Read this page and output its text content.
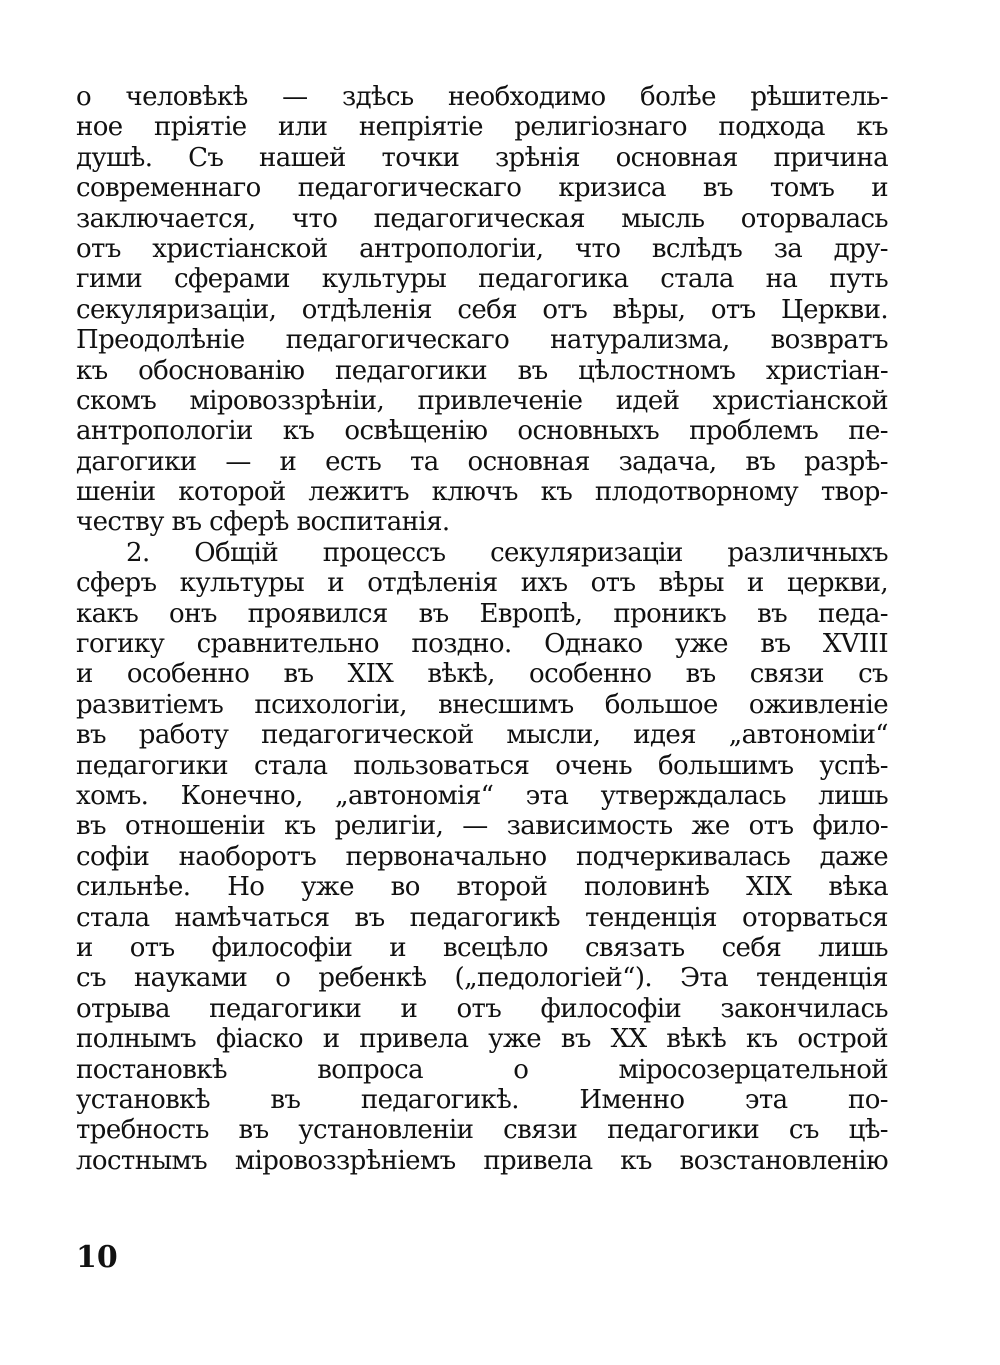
о человѣкѣ — здѣсь необходимо болѣе рѣшитель-
ное пріятіе или непріятіе религіознаго подхода къ
душѣ. Съ нашей точки зрѣнія основная причина
современнаго педагогическаго кризиса въ томъ и
заключается, что педагогическая мысль оторвалась
отъ христіанской антропологіи, что вслѣдъ за дру-
гими сферами культуры педагогика стала на путь
секуляризаціи, отдѣленія себя отъ вѣры, отъ Церкви.
Преодолѣніе педагогическаго натурализма, возвратъ
къ обоснованію педагогики въ цѣлостномъ христіан-
скомъ міровоззрѣніи, привлеченіе идей христіанской
антропологіи къ освѣщенію основныхъ проблемъ пе-
дагогики — и есть та основная задача, въ разрѣ-
шеніи которой лежитъ ключъ къ плодотворному твор-
честву въ сферѣ воспитанія.
2. Общій процессъ секуляризаціи различныхъ
сферъ культуры и отдѣленія ихъ отъ вѣры и церкви,
какъ онъ проявился въ Европѣ, проникъ въ педа-
гогику сравнительно поздно. Однако уже въ XVIII
и особенно въ XIX вѣкѣ, особенно въ связи съ
развитіемъ психологіи, внесшимъ большое оживленіе
въ работу педагогической мысли, идея „автономіи“
педагогики стала пользоваться очень большимъ успѣ-
хомъ. Конечно, „автономія“ эта утверждалась лишь
въ отношеніи къ религіи, — зависимость же отъ фило-
софіи наоборотъ первоначально подчеркивалась даже
сильнѣе. Но уже во второй половинѣ XIX вѣка
стала намѣчаться въ педагогикѣ тенденція оторваться
и отъ философіи и всецѣло связать себя лишь
съ науками о ребенкѣ („педологіей“). Эта тенденція
отрыва педагогики и отъ философіи закончилась
полнымъ фіаско и привела уже въ XX вѣкѣ къ острой
постановкѣ вопроса о міросозерцательной
установкѣ въ педагогикѣ. Именно эта по-
требность въ установленіи связи педагогики съ цѣ-
лостнымъ міровоззрѣніемъ привела къ возстановленію
10
